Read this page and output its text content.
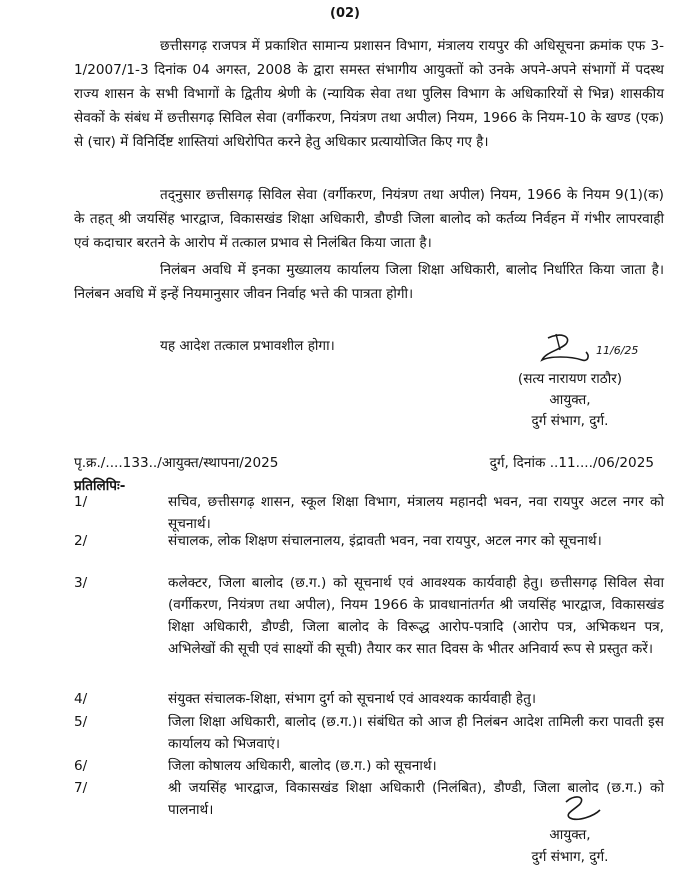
(02)
छत्तीसगढ़ राजपत्र में प्रकाशित सामान्य प्रशासन विभाग, मंत्रालय रायपुर की अधिसूचना क्रमांक एफ 3-1/2007/1-3 दिनांक 04 अगस्त, 2008 के द्वारा समस्त संभागीय आयुक्तों को उनके अपने-अपने संभागों में पदस्थ राज्य शासन के सभी विभागों के द्वितीय श्रेणी के (न्यायिक सेवा तथा पुलिस विभाग के अधिकारियों से भिन्न) शासकीय सेवकों के संबंध में छत्तीसगढ़ सिविल सेवा (वर्गीकरण, नियंत्रण तथा अपील) नियम, 1966 के नियम-10 के खण्ड (एक) से (चार) में विनिर्दिष्ट शास्तियां अधिरोपित करने हेतु अधिकार प्रत्यायोजित किए गए है।
तद्नुसार छत्तीसगढ़ सिविल सेवा (वर्गीकरण, नियंत्रण तथा अपील) नियम, 1966 के नियम 9(1)(क) के तहत् श्री जयसिंह भारद्वाज, विकासखंड शिक्षा अधिकारी, डौण्डी जिला बालोद को कर्तव्य निर्वहन में गंभीर लापरवाही एवं कदाचार बरतने के आरोप में तत्काल प्रभाव से निलंबित किया जाता है।
निलंबन अवधि में इनका मुख्यालय कार्यालय जिला शिक्षा अधिकारी, बालोद निर्धारित किया जाता है। निलंबन अवधि में इन्हें नियमानुसार जीवन निर्वाह भत्ते की पात्रता होगी।
यह आदेश तत्काल प्रभावशील होगा।	11/6/25
(सत्य नारायण राठौर)
आयुक्त,
दुर्ग संभाग, दुर्ग.
पृ.क्र./....133../आयुक्त/स्थापना/2025	दुर्ग, दिनांक ..11..../06/2025
प्रतिलिपिः-
1/	सचिव, छत्तीसगढ़ शासन, स्कूल शिक्षा विभाग, मंत्रालय महानदी भवन, नवा रायपुर अटल नगर को सूचनार्थ।
2/	संचालक, लोक शिक्षण संचालनालय, इंद्रावती भवन, नवा रायपुर, अटल नगर को सूचनार्थ।
3/	कलेक्टर, जिला बालोद (छ.ग.) को सूचनार्थ एवं आवश्यक कार्यवाही हेतु। छत्तीसगढ़ सिविल सेवा (वर्गीकरण, नियंत्रण तथा अपील), नियम 1966 के प्रावधानांतर्गत श्री जयसिंह भारद्वाज, विकासखंड शिक्षा अधिकारी, डौण्डी, जिला बालोद के विरूद्ध आरोप-पत्रादि (आरोप पत्र, अभिकथन पत्र, अभिलेखों की सूची एवं साक्ष्यों की सूची) तैयार कर सात दिवस के भीतर अनिवार्य रूप से प्रस्तुत करें।
4/	संयुक्त संचालक-शिक्षा, संभाग दुर्ग को सूचनार्थ एवं आवश्यक कार्यवाही हेतु।
5/	जिला शिक्षा अधिकारी, बालोद (छ.ग.)। संबंधित को आज ही निलंबन आदेश तामिली करा पावती इस कार्यालय को भिजवाएं।
6/	जिला कोषालय अधिकारी, बालोद (छ.ग.) को सूचनार्थ।
7/	श्री जयसिंह भारद्वाज, विकासखंड शिक्षा अधिकारी (निलंबित), डौण्डी, जिला बालोद (छ.ग.) को पालनार्थ।
आयुक्त,
दुर्ग संभाग, दुर्ग.
